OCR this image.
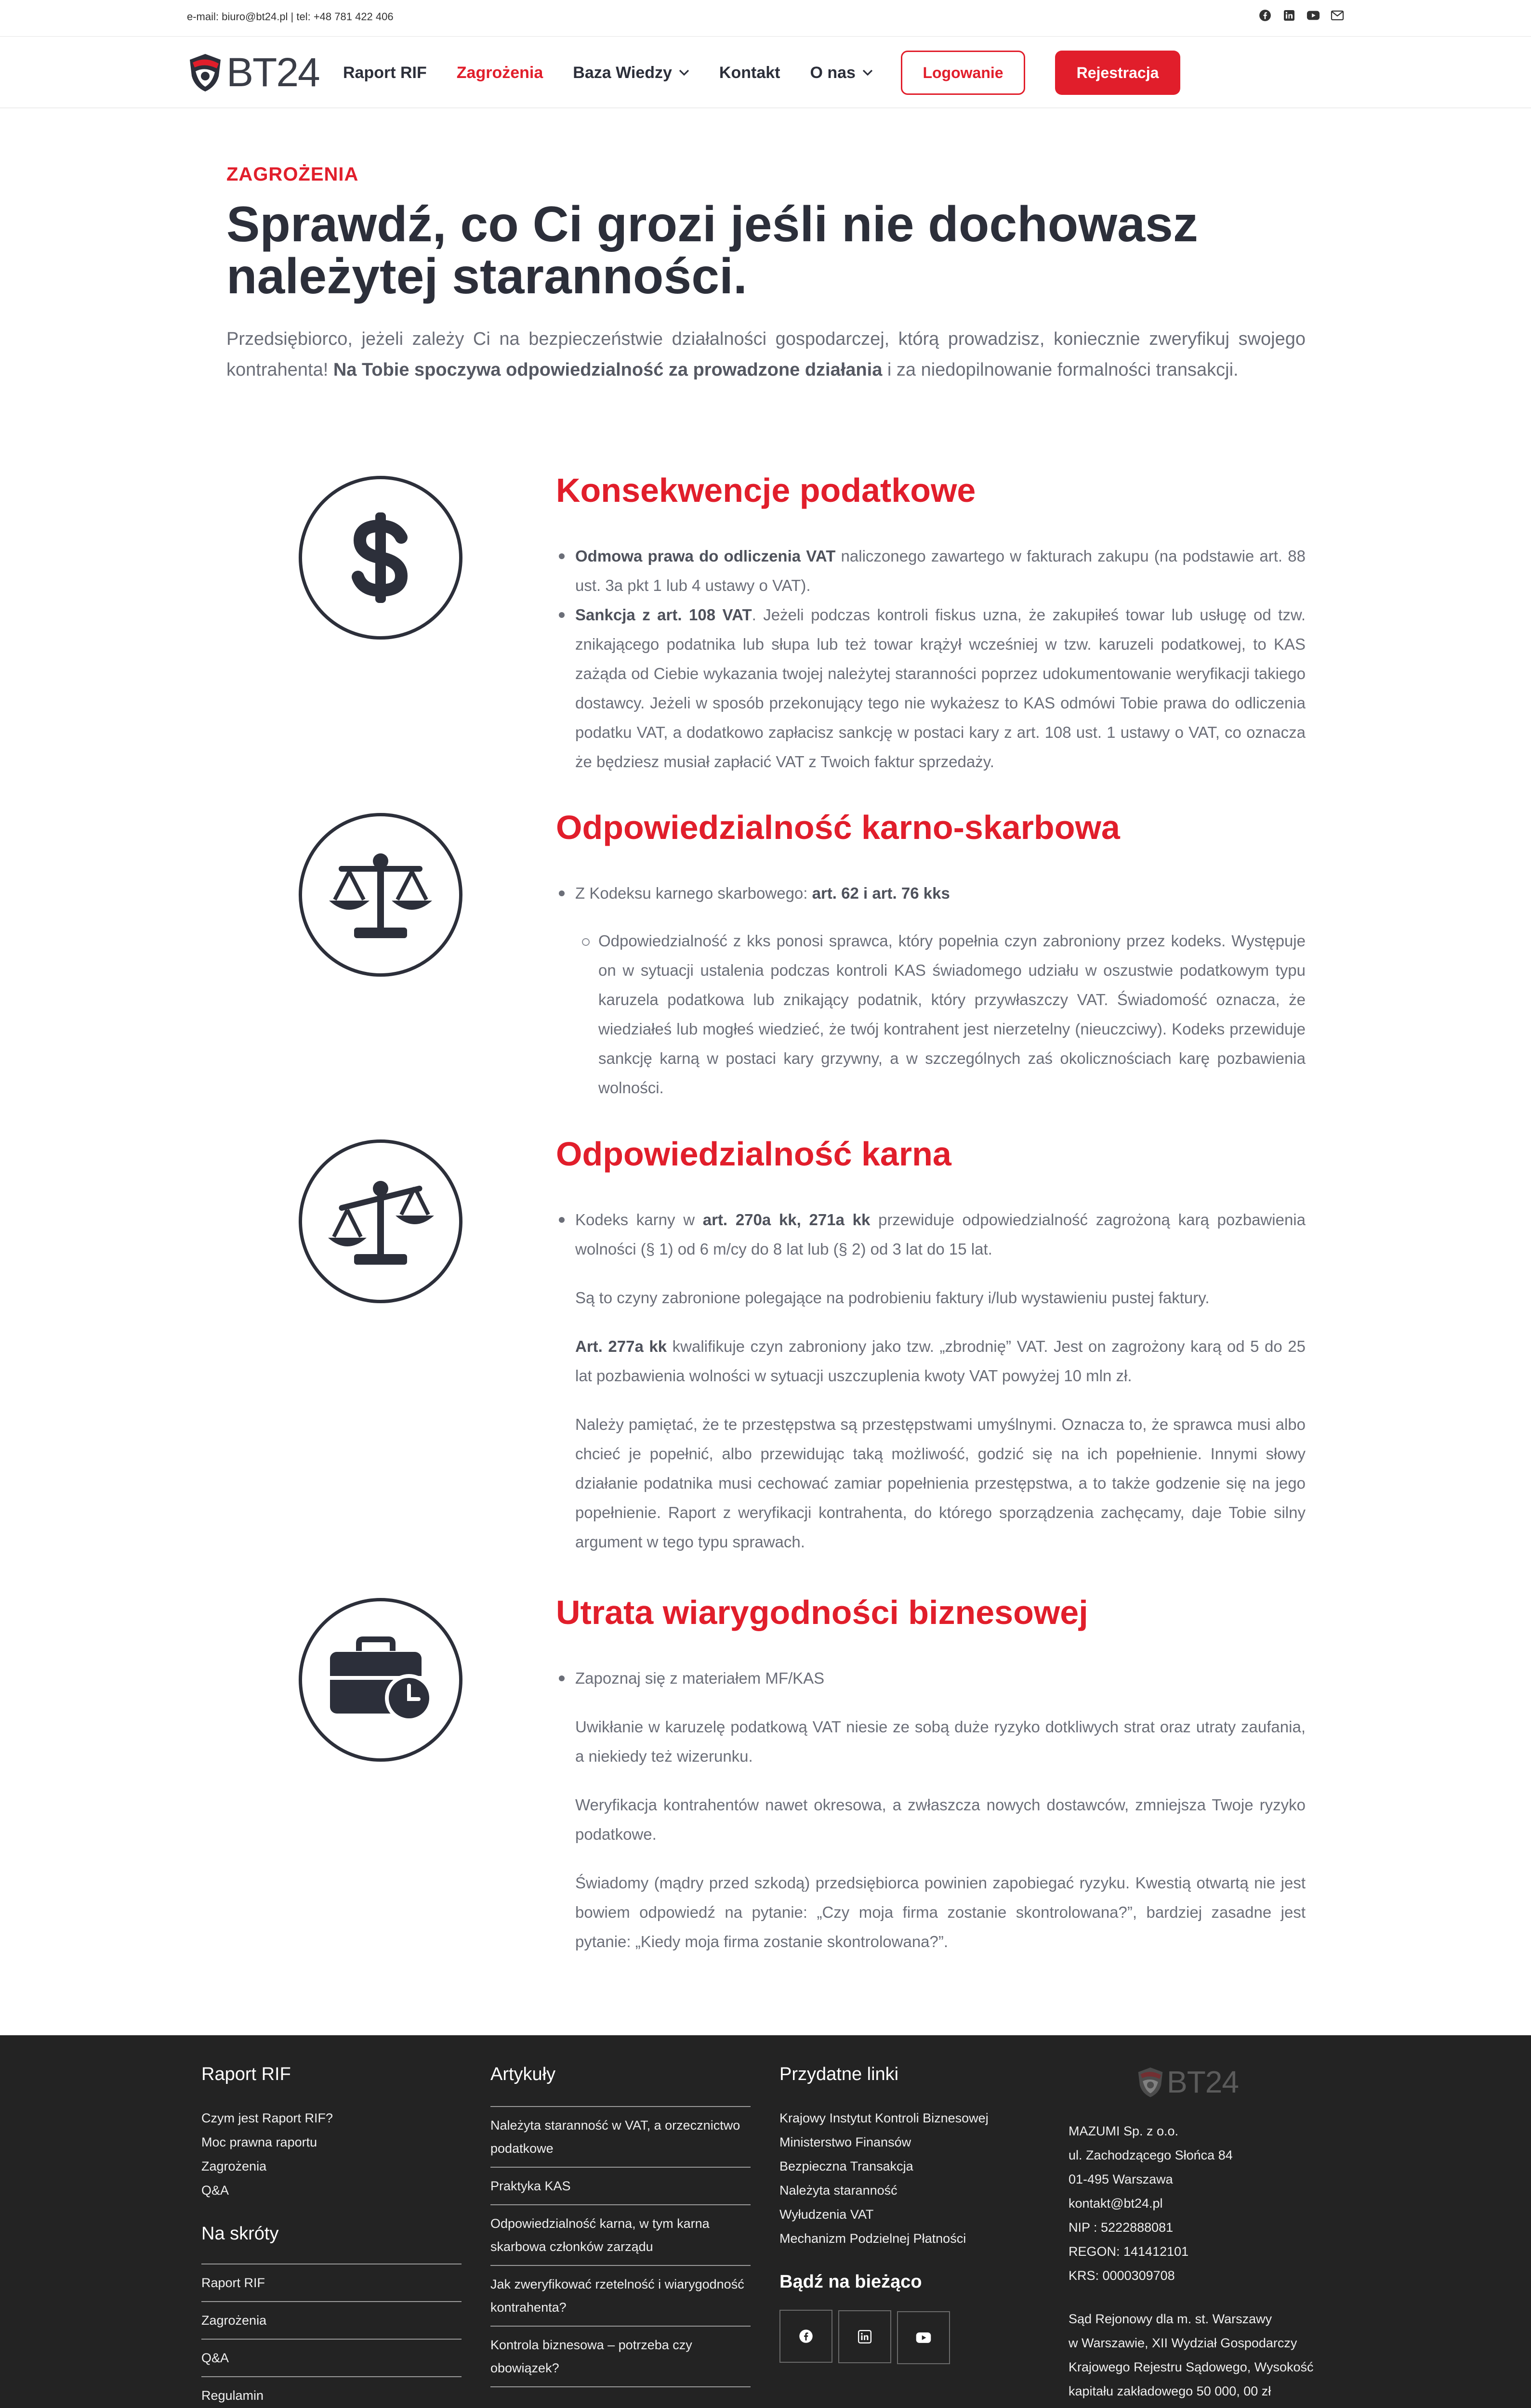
e-mail: biuro@bt24.pl | tel: +48 781 422 406
BT24 Raport RIF Zagrożenia Baza Wiedzy	Kontakt O nas	Logowanie	Rejestracja
ZAGROŻENIA
Sprawdź, co Ci grozi jeśli nie dochowasz należytej staranności.

Przedsiębiorco, jeżeli zależy Ci na bezpieczeństwie działalności gospodarczej, którą prowadzisz, koniecznie zweryfikuj swojego kontrahenta! Na Tobie spoczywa odpowiedzialność za prowadzone działania i za niedopilnowanie formalności transakcji.

Konsekwencje podatkowe
Odmowa prawa do odliczenia VAT naliczonego zawartego w fakturach zakupu (na podstawie art. 88 ust. 3a pkt 1 lub 4 ustawy o VAT).
Sankcja z art. 108 VAT. Jeżeli podczas kontroli fiskus uzna, że zakupiłeś towar lub usługę od tzw. znikającego podatnika lub słupa lub też towar krążył wcześniej w tzw. karuzeli podatkowej, to KAS zażąda od Ciebie wykazania twojej należytej staranności poprzez udokumentowanie weryfikacji takiego dostawcy. Jeżeli w sposób przekonujący tego nie wykażesz to KAS odmówi Tobie prawa do odliczenia podatku VAT, a dodatkowo zapłacisz sankcję w postaci kary z art. 108 ust. 1 ustawy o VAT, co oznacza że będziesz musiał zapłacić VAT z Twoich faktur sprzedaży.
Odpowiedzialność karno-skarbowa
Z Kodeksu karnego skarbowego: art. 62 i art. 76 kks
Odpowiedzialność z kks ponosi sprawca, który popełnia czyn zabroniony przez kodeks. Występuje on w sytuacji ustalenia podczas kontroli KAS świadomego udziału w oszustwie podatkowym typu karuzela podatkowa lub znikający podatnik, który przywłaszczy VAT. Świadomość oznacza, że wiedziałeś lub mogłeś wiedzieć, że twój kontrahent jest nierzetelny (nieuczciwy). Kodeks przewiduje sankcję karną w postaci kary grzywny, a w szczególnych zaś okolicznościach karę pozbawienia wolności.
Odpowiedzialność karna
Kodeks karny w art. 270a kk, 271a kk przewiduje odpowiedzialność zagrożoną karą pozbawienia wolności (§ 1) od 6 m/cy do 8 lat lub (§ 2) od 3 lat do 15 lat.

Są to czyny zabronione polegające na podrobieniu faktury i/lub wystawieniu pustej faktury.

Art. 277a kk kwalifikuje czyn zabroniony jako tzw. „zbrodnię” VAT. Jest on zagrożony karą od 5 do 25 lat pozbawienia wolności w sytuacji uszczuplenia kwoty VAT powyżej 10 mln zł.

Należy pamiętać, że te przestępstwa są przestępstwami umyślnymi. Oznacza to, że sprawca musi albo chcieć je popełnić, albo przewidując taką możliwość, godzić się na ich popełnienie. Innymi słowy działanie podatnika musi cechować zamiar popełnienia przestępstwa, a to także godzenie się na jego popełnienie. Raport z weryfikacji kontrahenta, do którego sporządzenia zachęcamy, daje Tobie silny argument w tego typu sprawach.

Utrata wiarygodności biznesowej
Zapoznaj się z materiałem MF/KAS

Uwikłanie w karuzelę podatkową VAT niesie ze sobą duże ryzyko dotkliwych strat oraz utraty zaufania, a niekiedy też wizerunku.

Weryfikacja kontrahentów nawet okresowa, a zwłaszcza nowych dostawców, zmniejsza Twoje ryzyko podatkowe.

Świadomy (mądry przed szkodą) przedsiębiorca powinien zapobiegać ryzyku. Kwestią otwartą nie jest bowiem odpowiedź na pytanie: „Czy moja firma zostanie skontrolowana?”, bardziej zasadne jest pytanie: „Kiedy moja firma zostanie skontrolowana?”.

Raport RIF
Czym jest Raport RIF?
Moc prawna raportu
Zagrożenia
Q&A
Na skróty
Raport RIF
Zagrożenia
Q&A
Regulamin
Artykuły
Należyta staranność w VAT, a orzecznictwo podatkowe
Praktyka KAS
Odpowiedzialność karna, w tym karna skarbowa członków zarządu
Jak zweryfikować rzetelność i wiarygodność kontrahenta?
Kontrola biznesowa – potrzeba czy obowiązek?
Przydatne linki
Krajowy Instytut Kontroli Biznesowej
Ministerstwo Finansów
Bezpieczna Transakcja
Należyta staranność
Wyłudzenia VAT
Mechanizm Podzielnej Płatności
Bądź na bieżąco
BT24
MAZUMI Sp. z o.o.
ul. Zachodzącego Słońca 84
01-495 Warszawa
kontakt@bt24.pl
NIP : 5222888081
REGON: 141412101
KRS: 0000309708
Sąd Rejonowy dla m. st. Warszawy
w Warszawie, XII Wydział Gospodarczy
Krajowego Rejestru Sądowego, Wysokość
kapitału zakładowego 50 000, 00 zł
